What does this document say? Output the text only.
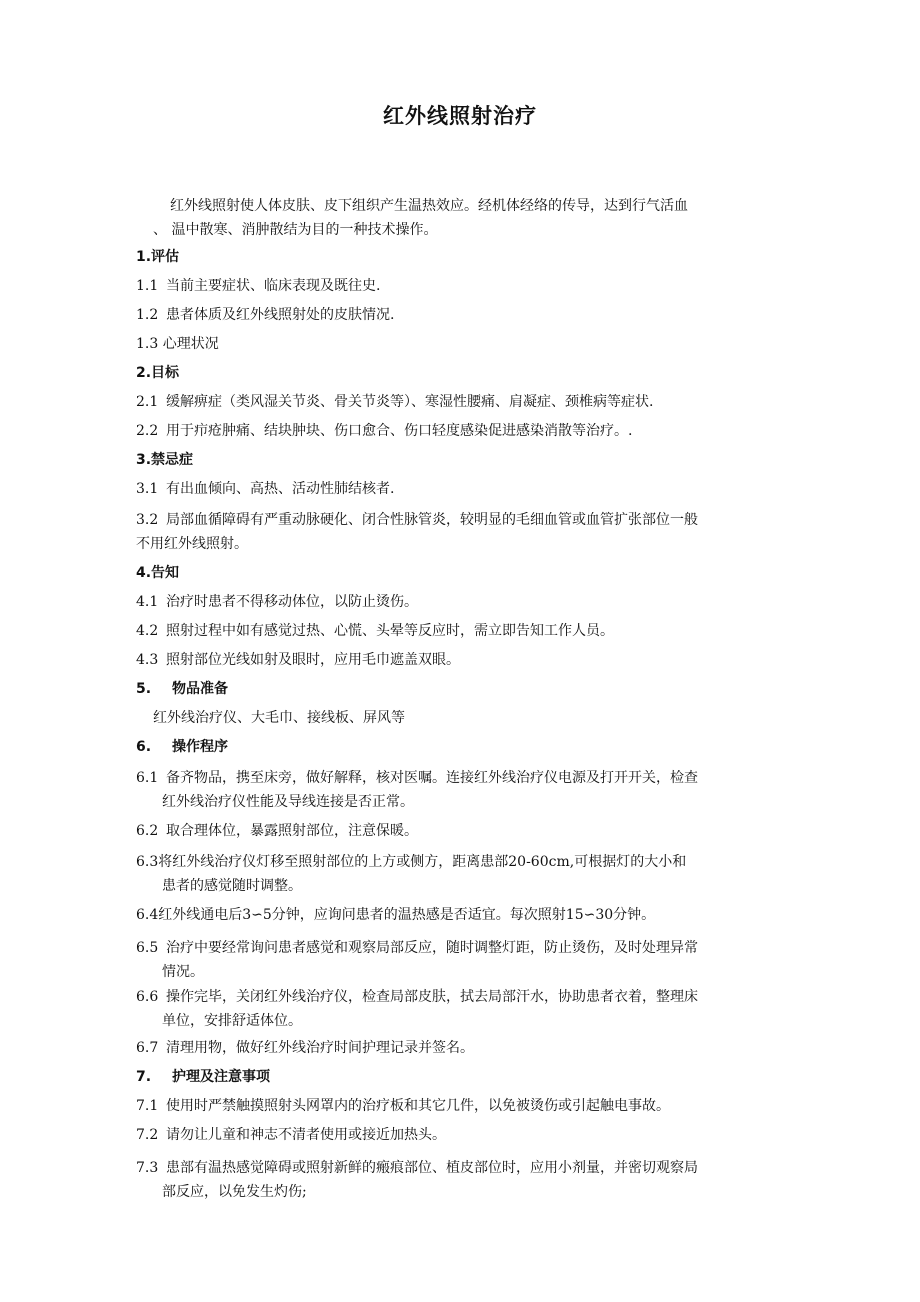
红外线照射治疗
红外线照射使人体皮肤、皮下组织产生温热效应。经机体经络的传导，达到行气活血
、 温中散寒、消肿散结为目的一种技术操作。
1.评估
1.1 当前主要症状、临床表现及既往史.
1.2 患者体质及红外线照射处的皮肤情况.
1.3 心理状况
2.目标
2.1 缓解痹症（类风湿关节炎、骨关节炎等）、寒湿性腰痛、肩凝症、颈椎病等症状.
2.2 用于疖疮肿痛、结块肿块、伤口愈合、伤口轻度感染促进感染消散等治疗。.
3.禁忌症
3.1 有出血倾向、高热、活动性肺结核者.
3.2 局部血循障碍有严重动脉硬化、闭合性脉管炎，较明显的毛细血管或血管扩张部位一般
不用红外线照射。
4.告知
4.1 治疗时患者不得移动体位，以防止烫伤。
4.2 照射过程中如有感觉过热、心慌、头晕等反应时，需立即告知工作人员。
4.3 照射部位光线如射及眼时，应用毛巾遮盖双眼。
5. 物品准备
红外线治疗仪、大毛巾、接线板、屏风等
6. 操作程序
6.1 备齐物品，携至床旁，做好解释，核对医嘱。连接红外线治疗仪电源及打开开关，检查
红外线治疗仪性能及导线连接是否正常。
6.2 取合理体位，暴露照射部位，注意保暖。
6.3将红外线治疗仪灯移至照射部位的上方或侧方，距离患部20-60cm,可根据灯的大小和
患者的感觉随时调整。
6.4红外线通电后3∽5分钟，应询问患者的温热感是否适宜。每次照射15∽30分钟。
6.5 治疗中要经常询问患者感觉和观察局部反应，随时调整灯距，防止烫伤，及时处理异常
情况。
6.6 操作完毕，关闭红外线治疗仪，检查局部皮肤，拭去局部汗水，协助患者衣着，整理床
单位，安排舒适体位。
6.7 清理用物，做好红外线治疗时间护理记录并签名。
7. 护理及注意事项
7.1 使用时严禁触摸照射头网罩内的治疗板和其它几件，以免被烫伤或引起触电事故。
7.2 请勿让儿童和神志不清者使用或接近加热头。
7.3 患部有温热感觉障碍或照射新鲜的瘢痕部位、植皮部位时，应用小剂量，并密切观察局
部反应，以免发生灼伤;
